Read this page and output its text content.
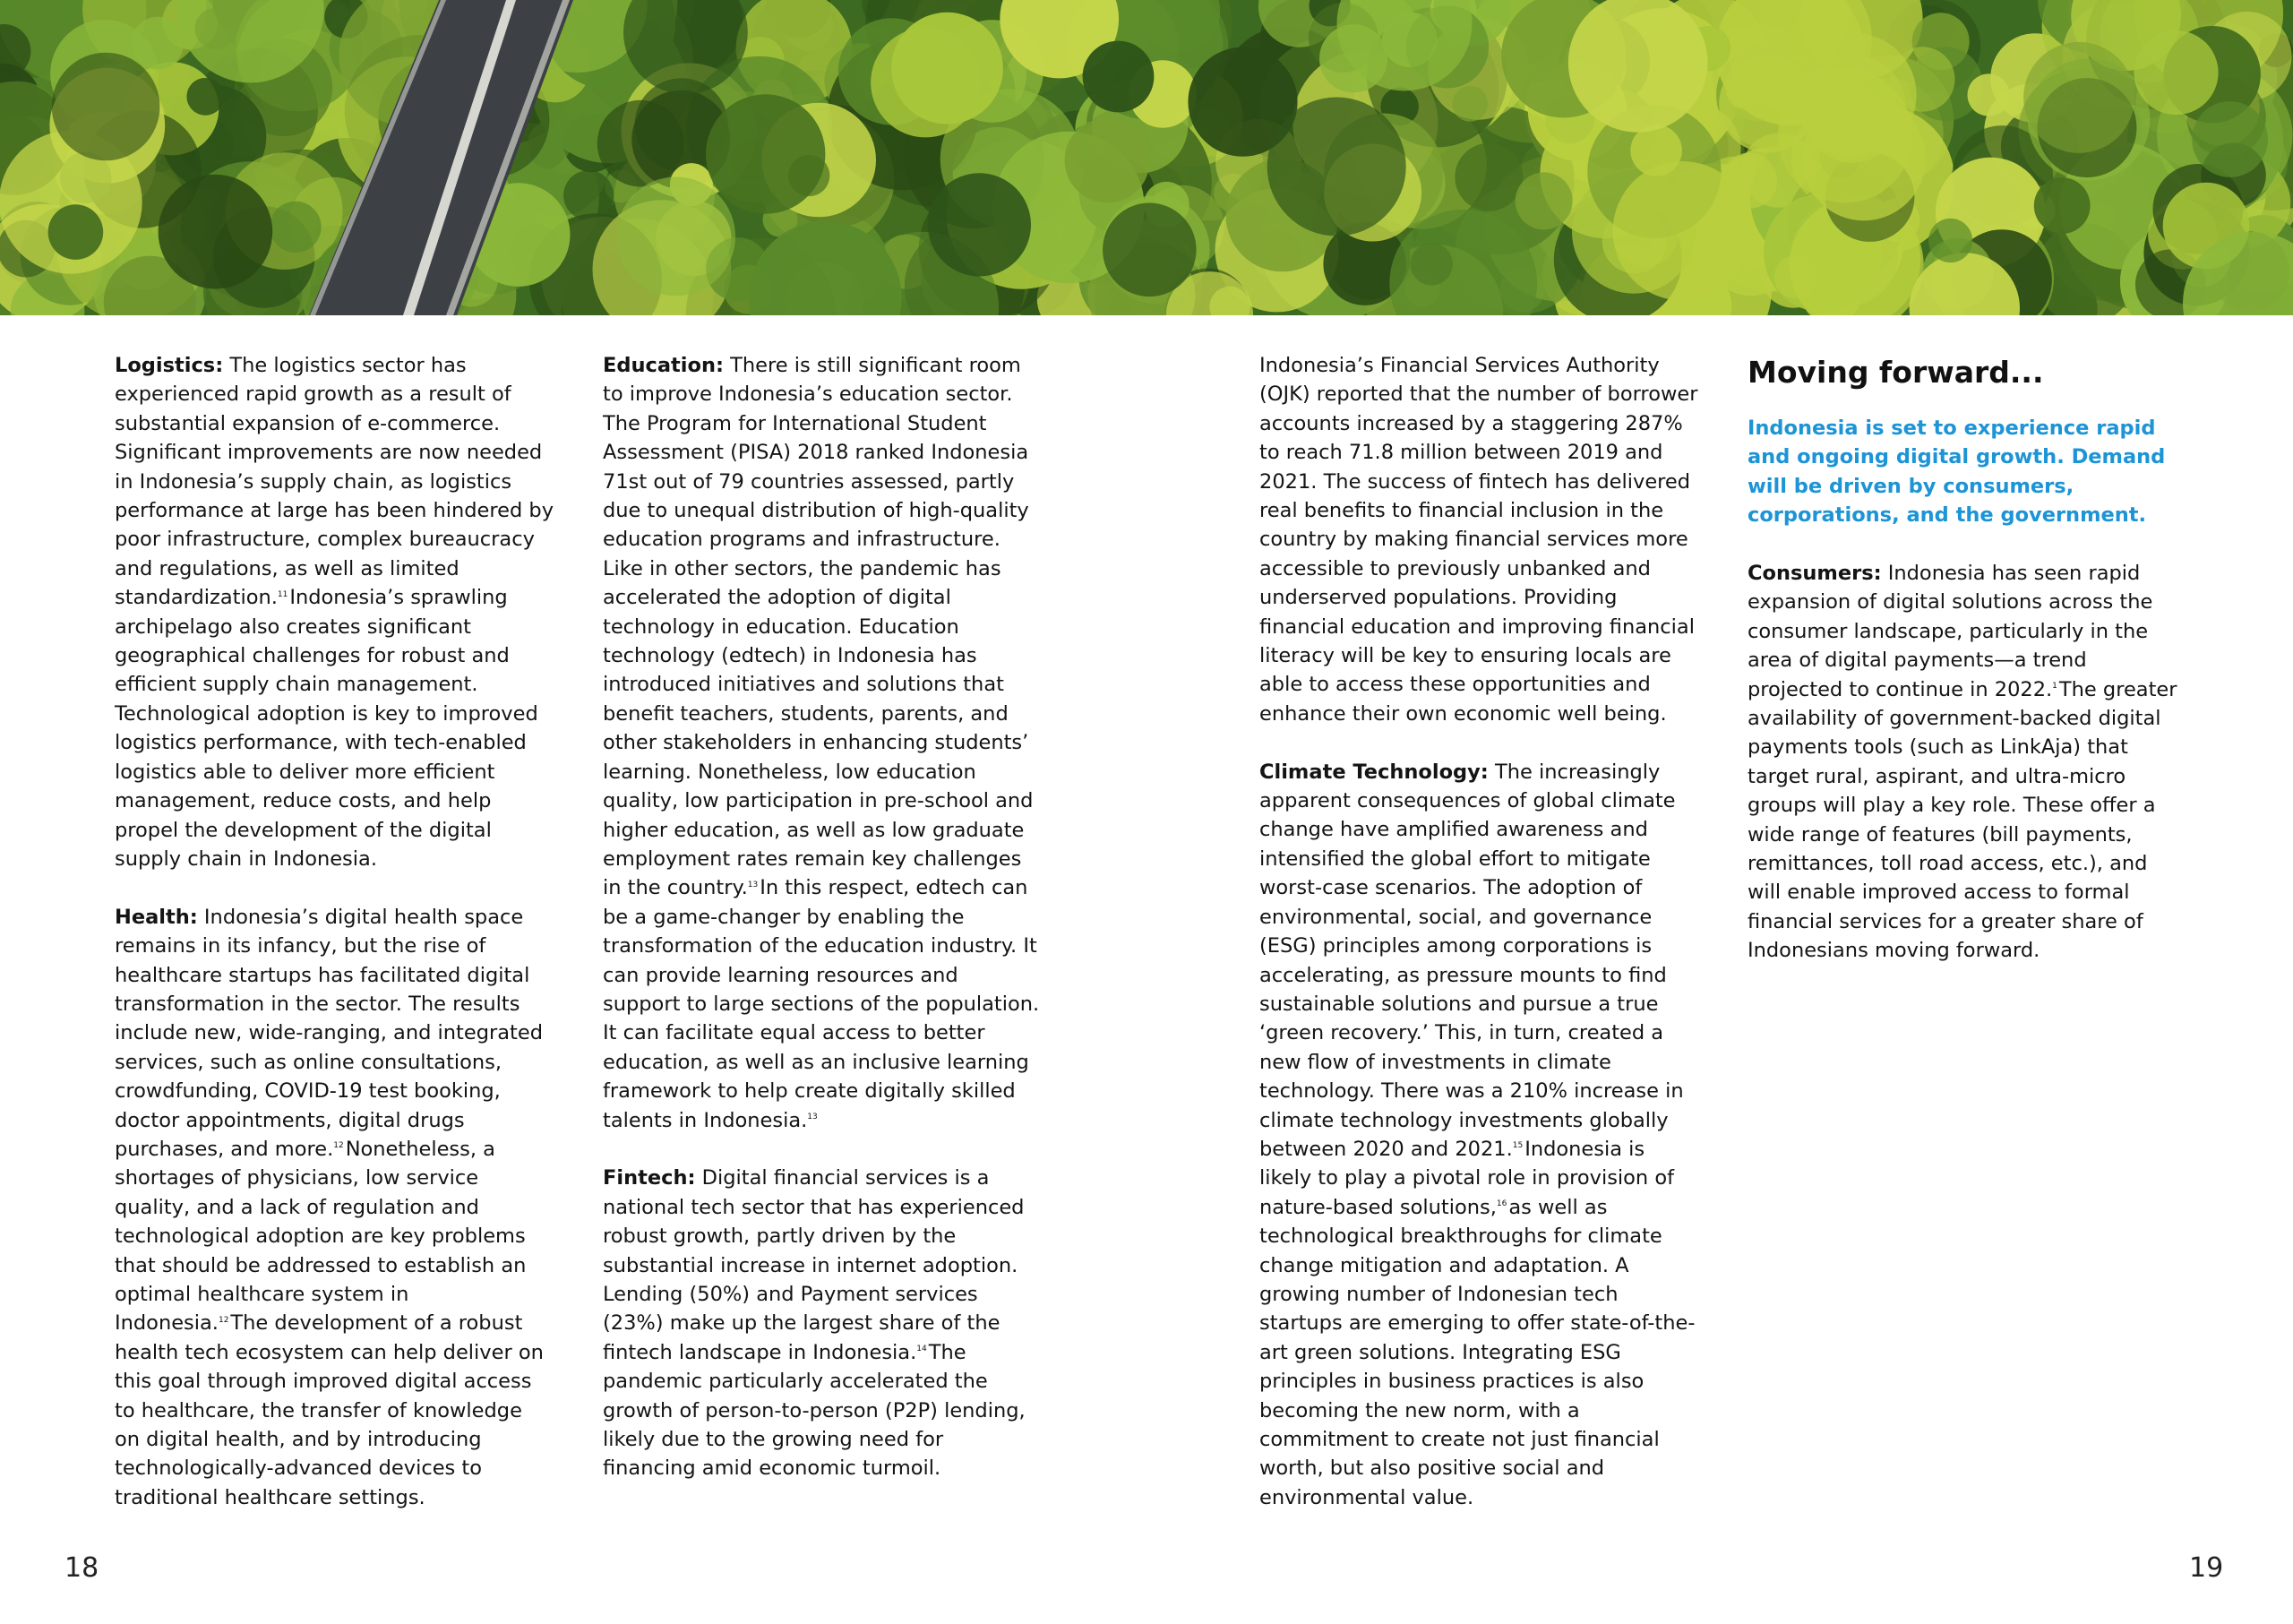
Logistics: The logistics sector has experienced rapid growth as a result of substantial expansion of e-commerce. Significant improvements are now needed in Indonesia’s supply chain, as logistics performance at large has been hindered by poor infrastructure, complex bureaucracy and regulations, as well as limited standardization.$^{11}$Indonesia’s sprawling archipelago also creates significant geographical challenges for robust and efficient supply chain management. Technological adoption is key to improved logistics performance, with tech-enabled logistics able to deliver more efficient management, reduce costs, and help propel the development of the digital supply chain in Indonesia.

Health: Indonesia’s digital health space remains in its infancy, but the rise of healthcare startups has facilitated digital transformation in the sector. The results include new, wide-ranging, and integrated services, such as online consultations, crowdfunding, COVID-19 test booking, doctor appointments, digital drugs purchases, and more.$^{12}$Nonetheless, a shortages of physicians, low service quality, and a lack of regulation and technological adoption are key problems that should be addressed to establish an optimal healthcare system in Indonesia.$^{12}$The development of a robust health tech ecosystem can help deliver on this goal through improved digital access to healthcare, the transfer of knowledge on digital health, and by introducing technologically-advanced devices to traditional healthcare settings.

Education: There is still significant room to improve Indonesia’s education sector. The Program for International Student Assessment (PISA) 2018 ranked Indonesia 71st out of 79 countries assessed, partly due to unequal distribution of high-quality education programs and infrastructure. Like in other sectors, the pandemic has accelerated the adoption of digital technology in education. Education technology (edtech) in Indonesia has introduced initiatives and solutions that benefit teachers, students, parents, and other stakeholders in enhancing students’ learning. Nonetheless, low education quality, low participation in pre-school and higher education, as well as low graduate employment rates remain key challenges in the country.$^{13}$In this respect, edtech can be a game-changer by enabling the transformation of the education industry. It can provide learning resources and support to large sections of the population. It can facilitate equal access to better education, as well as an inclusive learning framework to help create digitally skilled talents in Indonesia.$^{13}$

Fintech: Digital financial services is a national tech sector that has experienced robust growth, partly driven by the substantial increase in internet adoption. Lending (50%) and Payment services (23%) make up the largest share of the fintech landscape in Indonesia.$^{14}$The pandemic particularly accelerated the growth of person-to-person (P2P) lending, likely due to the growing need for financing amid economic turmoil.

Indonesia’s Financial Services Authority (OJK) reported that the number of borrower accounts increased by a staggering 287% to reach 71.8 million between 2019 and 2021. The success of fintech has delivered real benefits to financial inclusion in the country by making financial services more accessible to previously unbanked and underserved populations. Providing financial education and improving financial literacy will be key to ensuring locals are able to access these opportunities and enhance their own economic well being.

Climate Technology: The increasingly apparent consequences of global climate change have amplified awareness and intensified the global effort to mitigate worst-case scenarios. The adoption of environmental, social, and governance (ESG) principles among corporations is accelerating, as pressure mounts to find sustainable solutions and pursue a true ‘green recovery.’ This, in turn, created a new flow of investments in climate technology. There was a 210% increase in climate technology investments globally between 2020 and 2021.15Indonesia is likely to play a pivotal role in provision of nature-based solutions,$^{16}$as well as technological breakthroughs for climate change mitigation and adaptation. A growing number of Indonesian tech startups are emerging to offer state-of-the-art green solutions. Integrating ESG principles in business practices is also becoming the new norm, with a commitment to create not just financial worth, but also positive social and environmental value.

Moving forward...

Indonesia is set to experience rapid and ongoing digital growth. Demand will be driven by consumers, corporations, and the government.

Consumers: Indonesia has seen rapid expansion of digital solutions across the consumer landscape, particularly in the area of digital payments—a trend projected to continue in 2022.$^1$The greater availability of government-backed digital payments tools (such as LinkAja) that target rural, aspirant, and ultra-micro groups will play a key role. These offer a wide range of features (bill payments, remittances, toll road access, etc.), and will enable improved access to formal financial services for a greater share of Indonesians moving forward.

18	19
